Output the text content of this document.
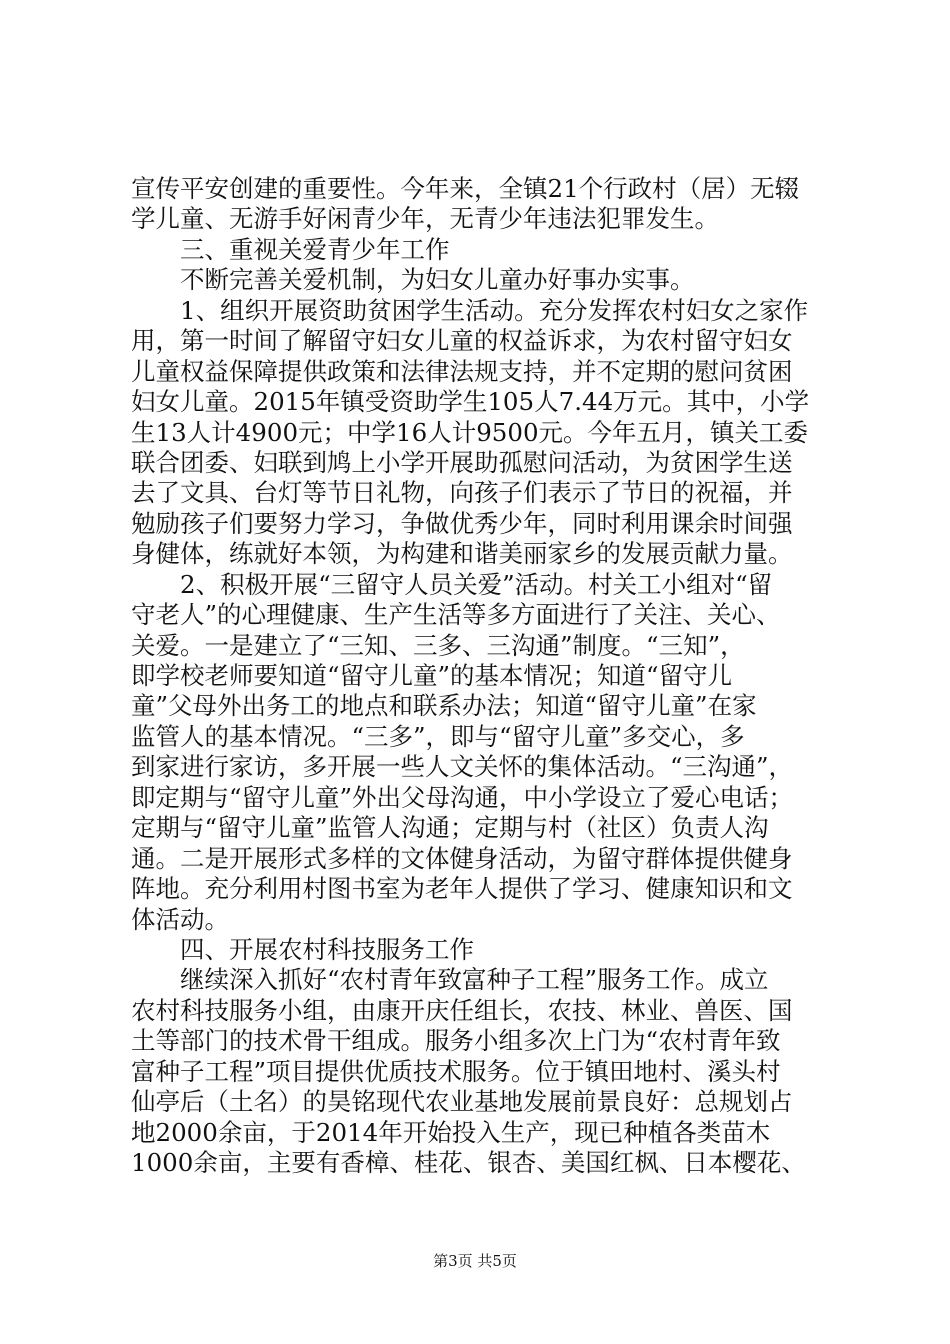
宣传平安创建的重要性。今年来，全镇21个行政村（居）无辍
学儿童、无游手好闲青少年，无青少年违法犯罪发生。
　　三、重视关爱青少年工作
　　不断完善关爱机制，为妇女儿童办好事办实事。
　　1、组织开展资助贫困学生活动。充分发挥农村妇女之家作
用，第一时间了解留守妇女儿童的权益诉求，为农村留守妇女
儿童权益保障提供政策和法律法规支持，并不定期的慰问贫困
妇女儿童。2015年镇受资助学生105人7.44万元。其中，小学
生13人计4900元；中学16人计9500元。今年五月，镇关工委
联合团委、妇联到鸠上小学开展助孤慰问活动，为贫困学生送
去了文具、台灯等节日礼物，向孩子们表示了节日的祝福，并
勉励孩子们要努力学习，争做优秀少年，同时利用课余时间强
身健体，练就好本领，为构建和谐美丽家乡的发展贡献力量。
　　2、积极开展“三留守人员关爱”活动。村关工小组对“留
守老人”的心理健康、生产生活等多方面进行了关注、关心、
关爱。一是建立了“三知、三多、三沟通”制度。“三知”，
即学校老师要知道“留守儿童”的基本情况；知道“留守儿
童”父母外出务工的地点和联系办法；知道“留守儿童”在家
监管人的基本情况。“三多”，即与“留守儿童”多交心，多
到家进行家访，多开展一些人文关怀的集体活动。“三沟通”，
即定期与“留守儿童”外出父母沟通，中小学设立了爱心电话；
定期与“留守儿童”监管人沟通；定期与村（社区）负责人沟
通。二是开展形式多样的文体健身活动，为留守群体提供健身
阵地。充分利用村图书室为老年人提供了学习、健康知识和文
体活动。
　　四、开展农村科技服务工作
　　继续深入抓好“农村青年致富种子工程”服务工作。成立
农村科技服务小组，由康开庆任组长，农技、林业、兽医、国
土等部门的技术骨干组成。服务小组多次上门为“农村青年致
富种子工程”项目提供优质技术服务。位于镇田地村、溪头村
仙亭后（土名）的昊铭现代农业基地发展前景良好：总规划占
地2000余亩，于2014年开始投入生产，现已种植各类苗木
1000余亩，主要有香樟、桂花、银杏、美国红枫、日本樱花、
第3页 共5页
